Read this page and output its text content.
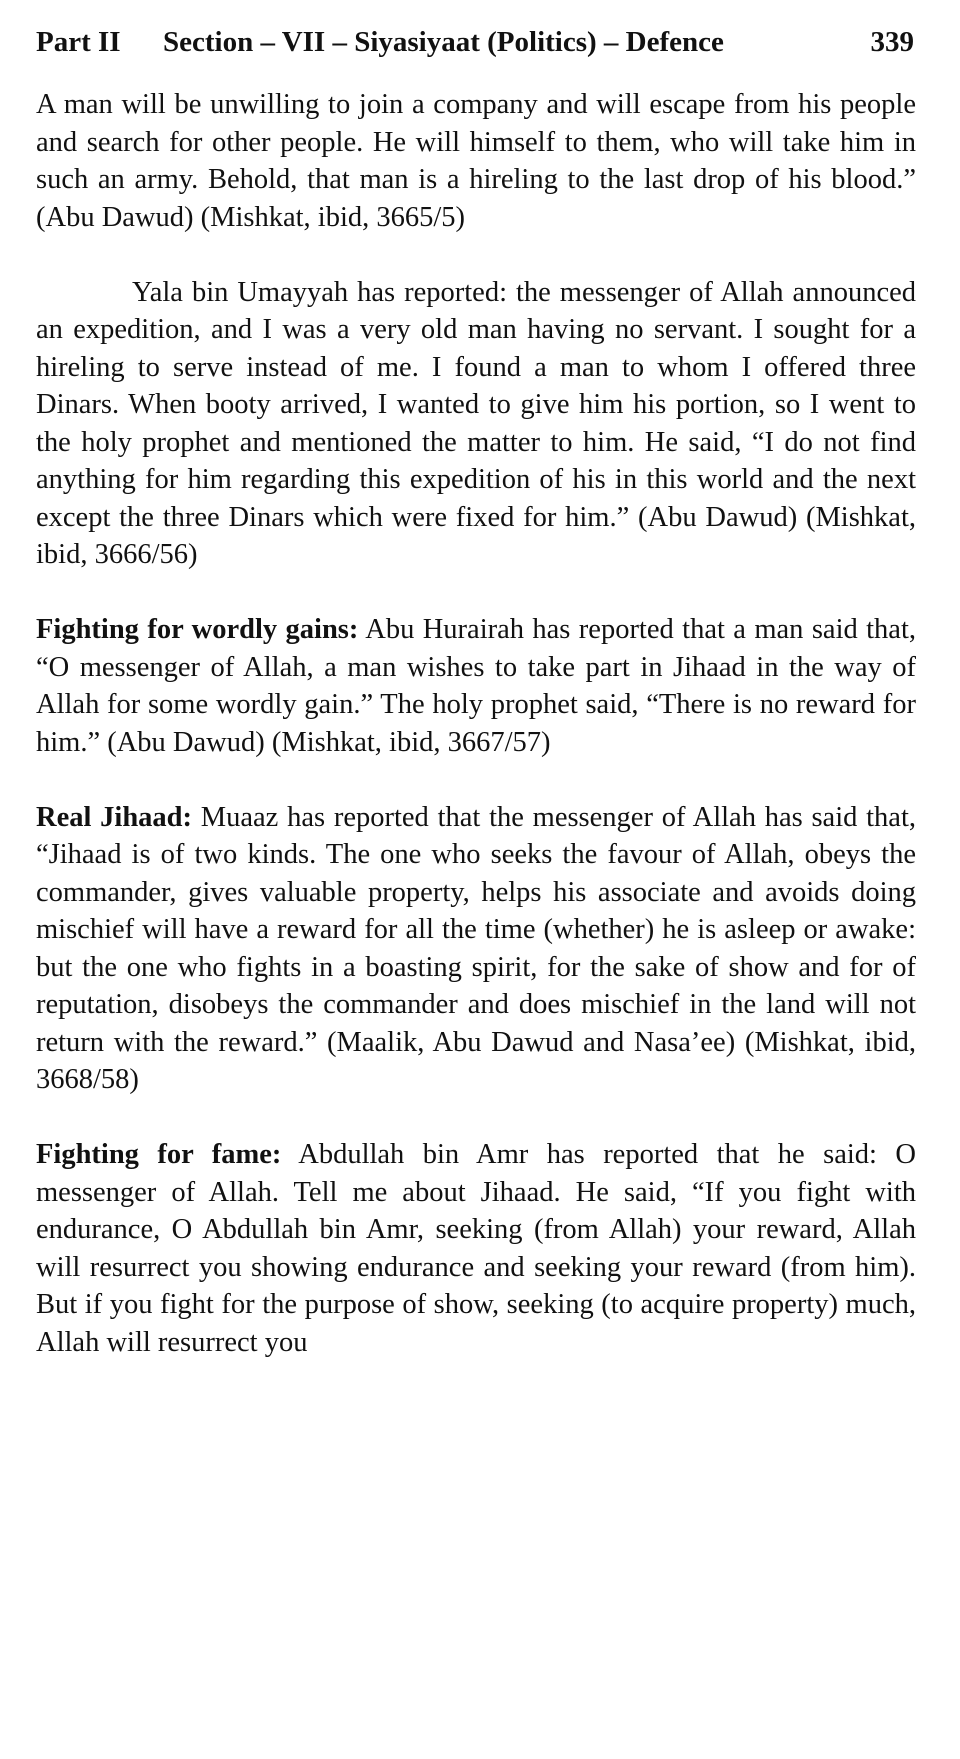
Part II	Section – VII – Siyasiyaat (Politics) – Defence	339

A man will be unwilling to join a company and will escape from his people and search for other people. He will himself to them, who will take him in such an army. Behold, that man is a hireling to the last drop of his blood.” (Abu Dawud) (Mishkat, ibid, 3665/5)

Yala bin Umayyah has reported: the messenger of Allah announced an expedition, and I was a very old man having no servant. I sought for a hireling to serve instead of me. I found a man to whom I offered three Dinars. When booty arrived, I wanted to give him his portion, so I went to the holy prophet and mentioned the matter to him. He said, “I do not find anything for him regarding this expedition of his in this world and the next except the three Dinars which were fixed for him.” (Abu Dawud) (Mishkat, ibid, 3666/56)

Fighting for wordly gains: Abu Hurairah has reported that a man said that, “O messenger of Allah, a man wishes to take part in Jihaad in the way of Allah for some wordly gain.” The holy prophet said, “There is no reward for him.” (Abu Dawud) (Mishkat, ibid, 3667/57)

Real Jihaad: Muaaz has reported that the messenger of Allah has said that, “Jihaad is of two kinds. The one who seeks the favour of Allah, obeys the commander, gives valuable property, helps his associate and avoids doing mischief will have a reward for all the time (whether) he is asleep or awake: but the one who fights in a boasting spirit, for the sake of show and for of reputation, disobeys the commander and does mischief in the land will not return with the reward.” (Maalik, Abu Dawud and Nasa’ee) (Mishkat, ibid, 3668/58)

Fighting for fame: Abdullah bin Amr has reported that he said: O messenger of Allah. Tell me about Jihaad. He said, “If you fight with endurance, O Abdullah bin Amr, seeking (from Allah) your reward, Allah will resurrect you showing endurance and seeking your reward (from him). But if you fight for the purpose of show, seeking (to acquire property) much, Allah will resurrect you
